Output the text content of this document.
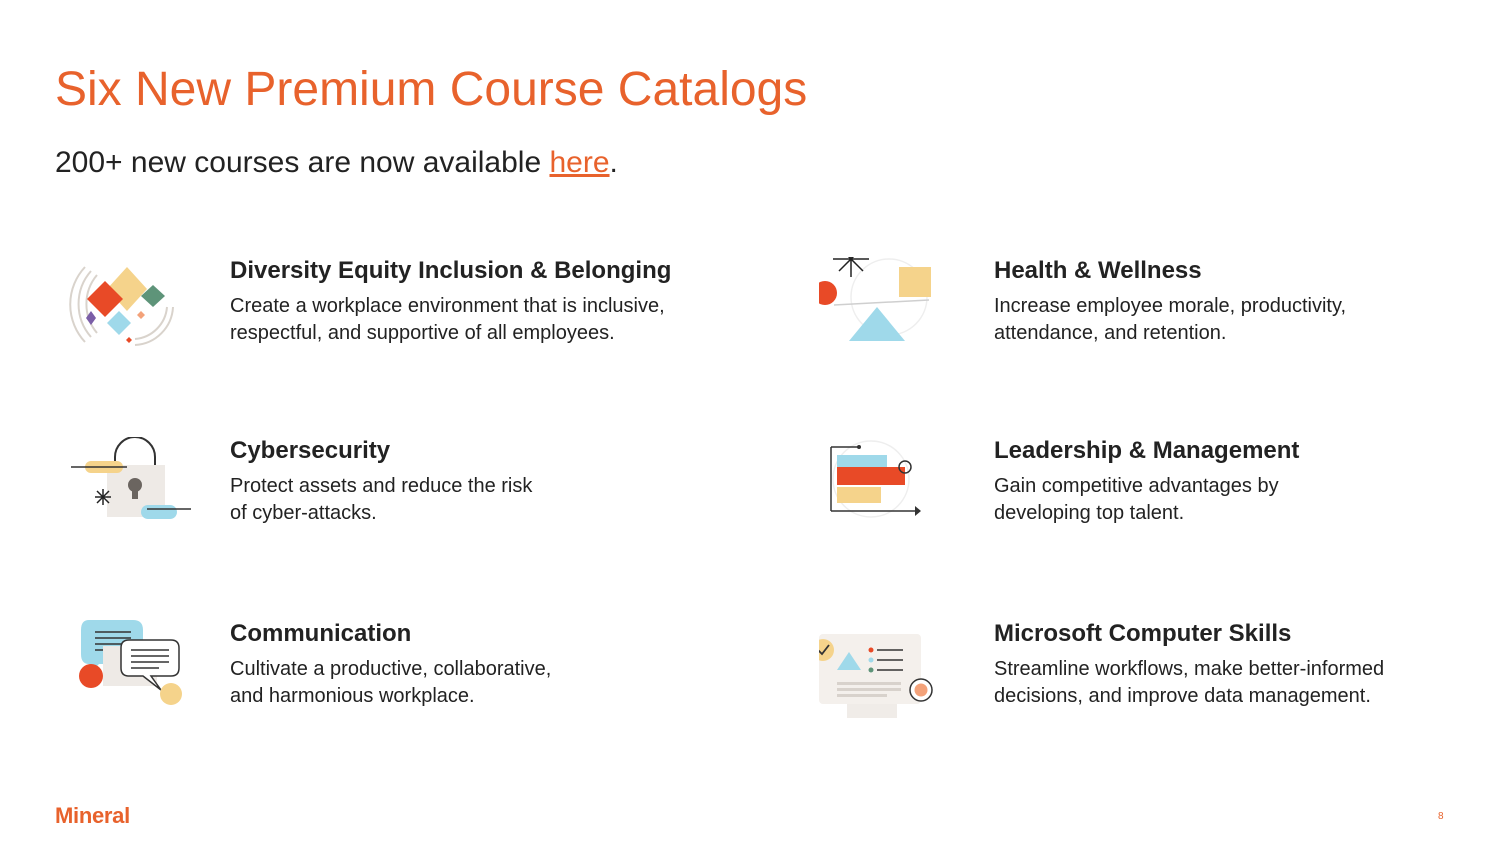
Six New Premium Course Catalogs
200+ new courses are now available here.
Diversity Equity Inclusion & Belonging
Create a workplace environment that is inclusive,
respectful, and supportive of all employees.
Health & Wellness
Increase employee morale, productivity,
attendance, and retention.
Cybersecurity
Protect assets and reduce the risk
of cyber-attacks.
Leadership & Management
Gain competitive advantages by
developing top talent.
Communication
Cultivate a productive, collaborative,
and harmonious workplace.
Microsoft Computer Skills
Streamline workflows, make better-informed
decisions, and improve data management.
Mineral	8
